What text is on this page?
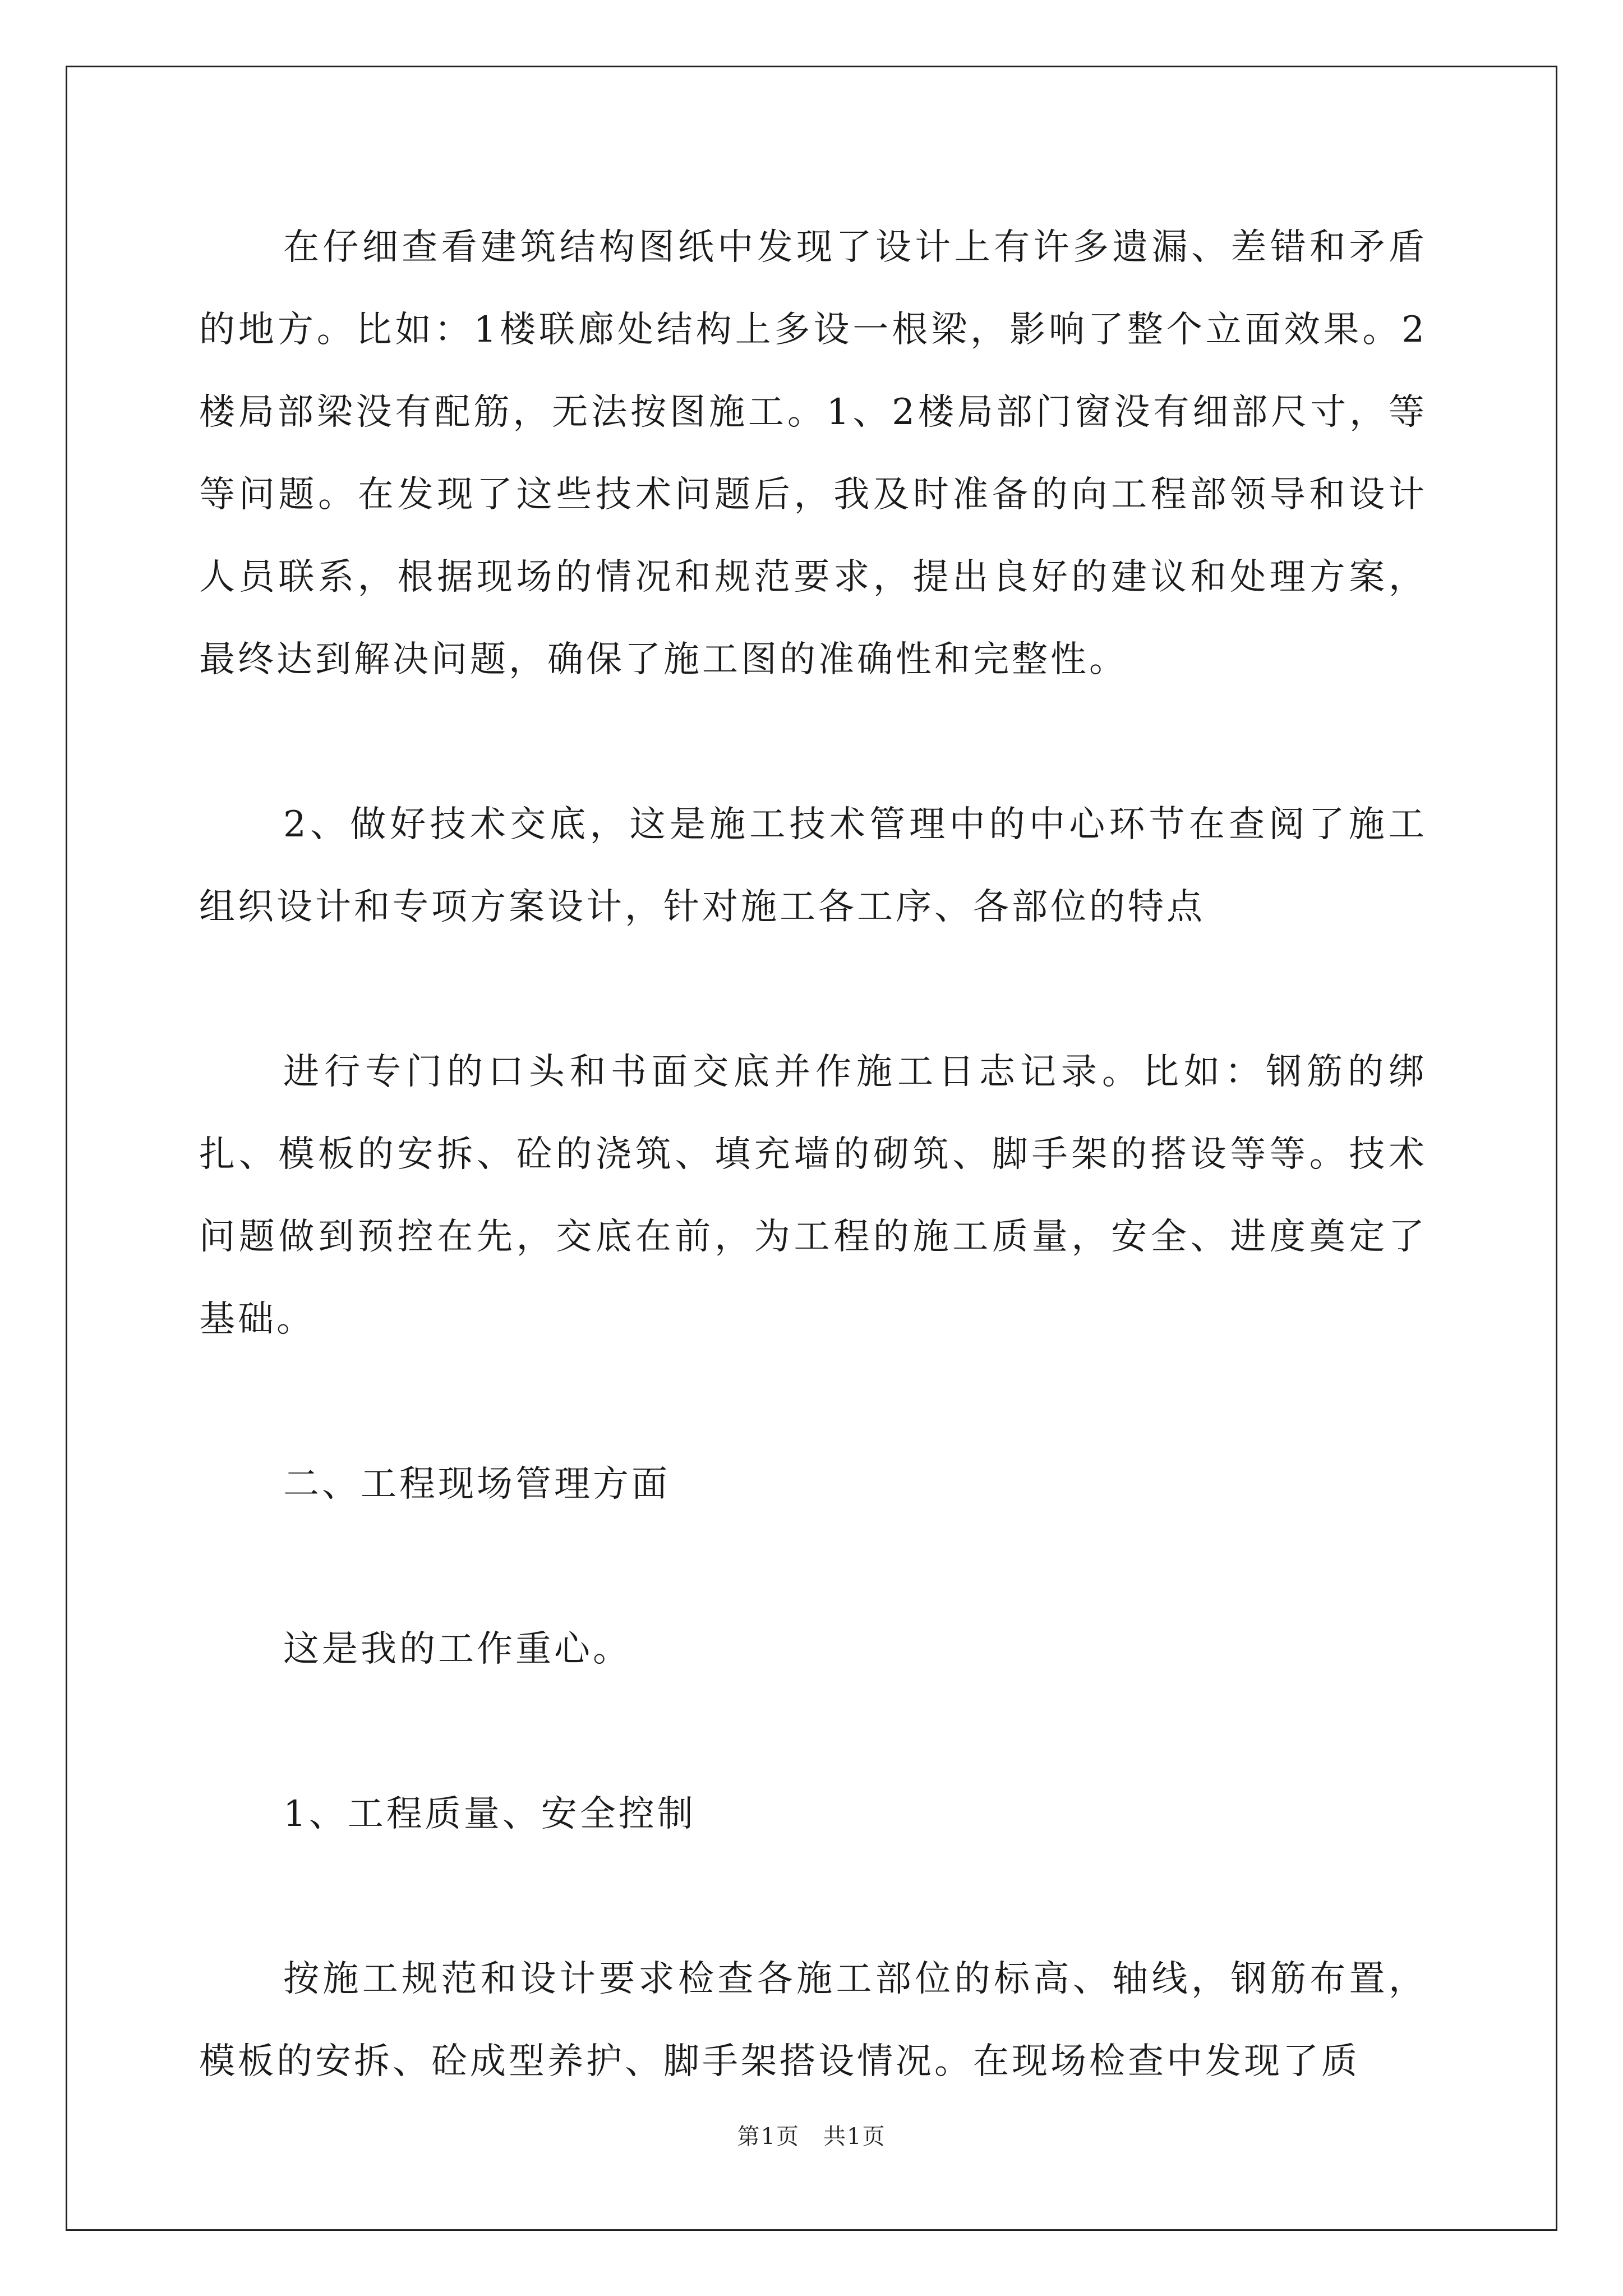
在仔细查看建筑结构图纸中发现了设计上有许多遗漏、差错和矛盾的地方。比如：1楼联廊处结构上多设一根梁，影响了整个立面效果。2楼局部梁没有配筋，无法按图施工。1、2楼局部门窗没有细部尺寸，等等问题。在发现了这些技术问题后，我及时准备的向工程部领导和设计人员联系，根据现场的情况和规范要求，提出良好的建议和处理方案，最终达到解决问题，确保了施工图的准确性和完整性。

2、做好技术交底，这是施工技术管理中的中心环节在查阅了施工组织设计和专项方案设计，针对施工各工序、各部位的特点

进行专门的口头和书面交底并作施工日志记录。比如：钢筋的绑扎、模板的安拆、砼的浇筑、填充墙的砌筑、脚手架的搭设等等。技术问题做到预控在先，交底在前，为工程的施工质量，安全、进度奠定了基础。

二、工程现场管理方面

这是我的工作重心。

1、工程质量、安全控制

按施工规范和设计要求检查各施工部位的标高、轴线，钢筋布置，模板的安拆、砼成型养护、脚手架搭设情况。在现场检查中发现了质

第1页　共1页
